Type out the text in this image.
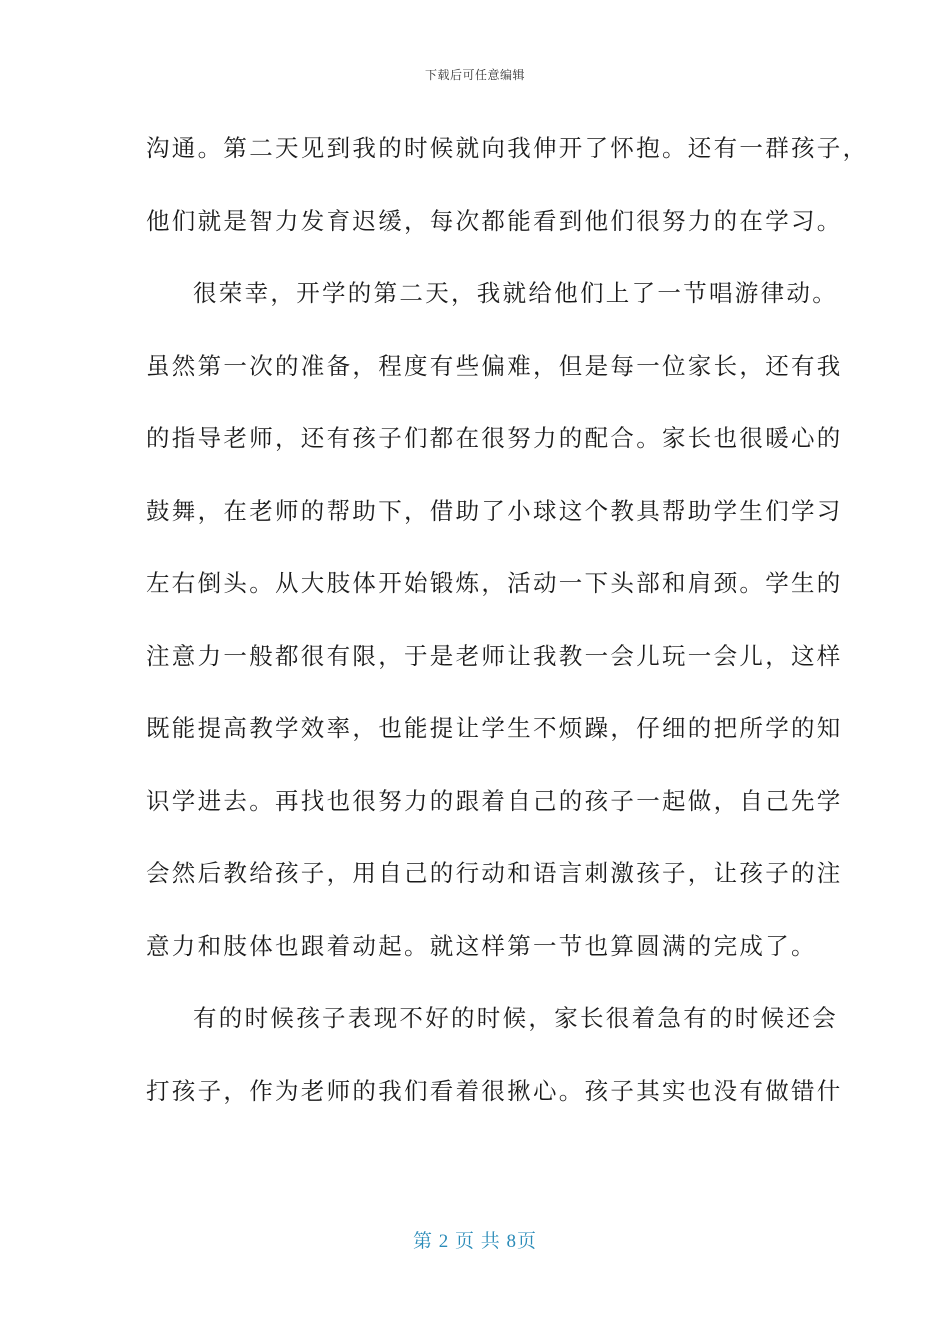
下载后可任意编辑
沟通。第二天见到我的时候就向我伸开了怀抱。还有一群孩子，
他们就是智力发育迟缓，每次都能看到他们很努力的在学习。
很荣幸，开学的第二天，我就给他们上了一节唱游律动。
虽然第一次的准备，程度有些偏难，但是每一位家长，还有我
的指导老师，还有孩子们都在很努力的配合。家长也很暖心的
鼓舞，在老师的帮助下，借助了小球这个教具帮助学生们学习
左右倒头。从大肢体开始锻炼，活动一下头部和肩颈。学生的
注意力一般都很有限，于是老师让我教一会儿玩一会儿，这样
既能提高教学效率，也能提让学生不烦躁，仔细的把所学的知
识学进去。再找也很努力的跟着自己的孩子一起做，自己先学
会然后教给孩子，用自己的行动和语言刺激孩子，让孩子的注
意力和肢体也跟着动起。就这样第一节也算圆满的完成了。
有的时候孩子表现不好的时候，家长很着急有的时候还会
打孩子，作为老师的我们看着很揪心。孩子其实也没有做错什
第 2 页 共 8页
